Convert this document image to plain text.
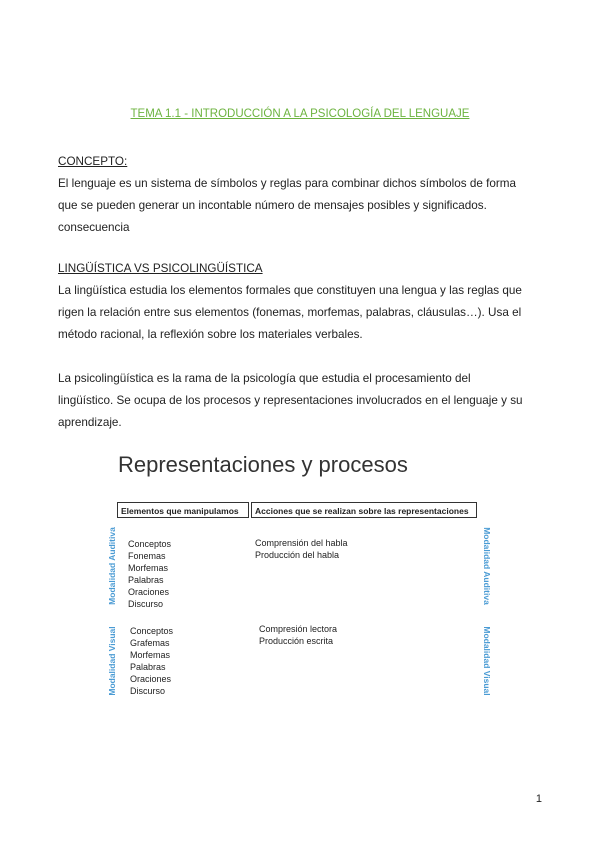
TEMA 1.1 - INTRODUCCIÓN A LA PSICOLOGÍA DEL LENGUAJE
CONCEPTO:
El lenguaje es un sistema de símbolos y reglas para combinar dichos símbolos de forma
que se pueden generar un incontable número de mensajes posibles y significados.
consecuencia
LINGÜÍSTICA VS PSICOLINGÜÍSTICA
La lingüística estudia los elementos formales que constituyen una lengua y las reglas que
rigen la relación entre sus elementos (fonemas, morfemas, palabras, cláusulas…). Usa el
método racional, la reflexión sobre los materiales verbales.
La psicolingüística es la rama de la psicología que estudia el procesamiento del
lingüístico. Se ocupa de los procesos y representaciones involucrados en el lenguaje y su
aprendizaje.
Representaciones y procesos
Elementos que manipulamos	Acciones que se realizan sobre las representaciones
Modalidad Auditiva
Modalidad Visual
Modalidad Auditiva
Modalidad Visual
Conceptos
Fonemas
Morfemas
Palabras
Oraciones
Discurso
Comprensión del habla
Producción del habla
Conceptos
Grafemas
Morfemas
Palabras
Oraciones
Discurso
Compresión lectora
Producción escrita
1
